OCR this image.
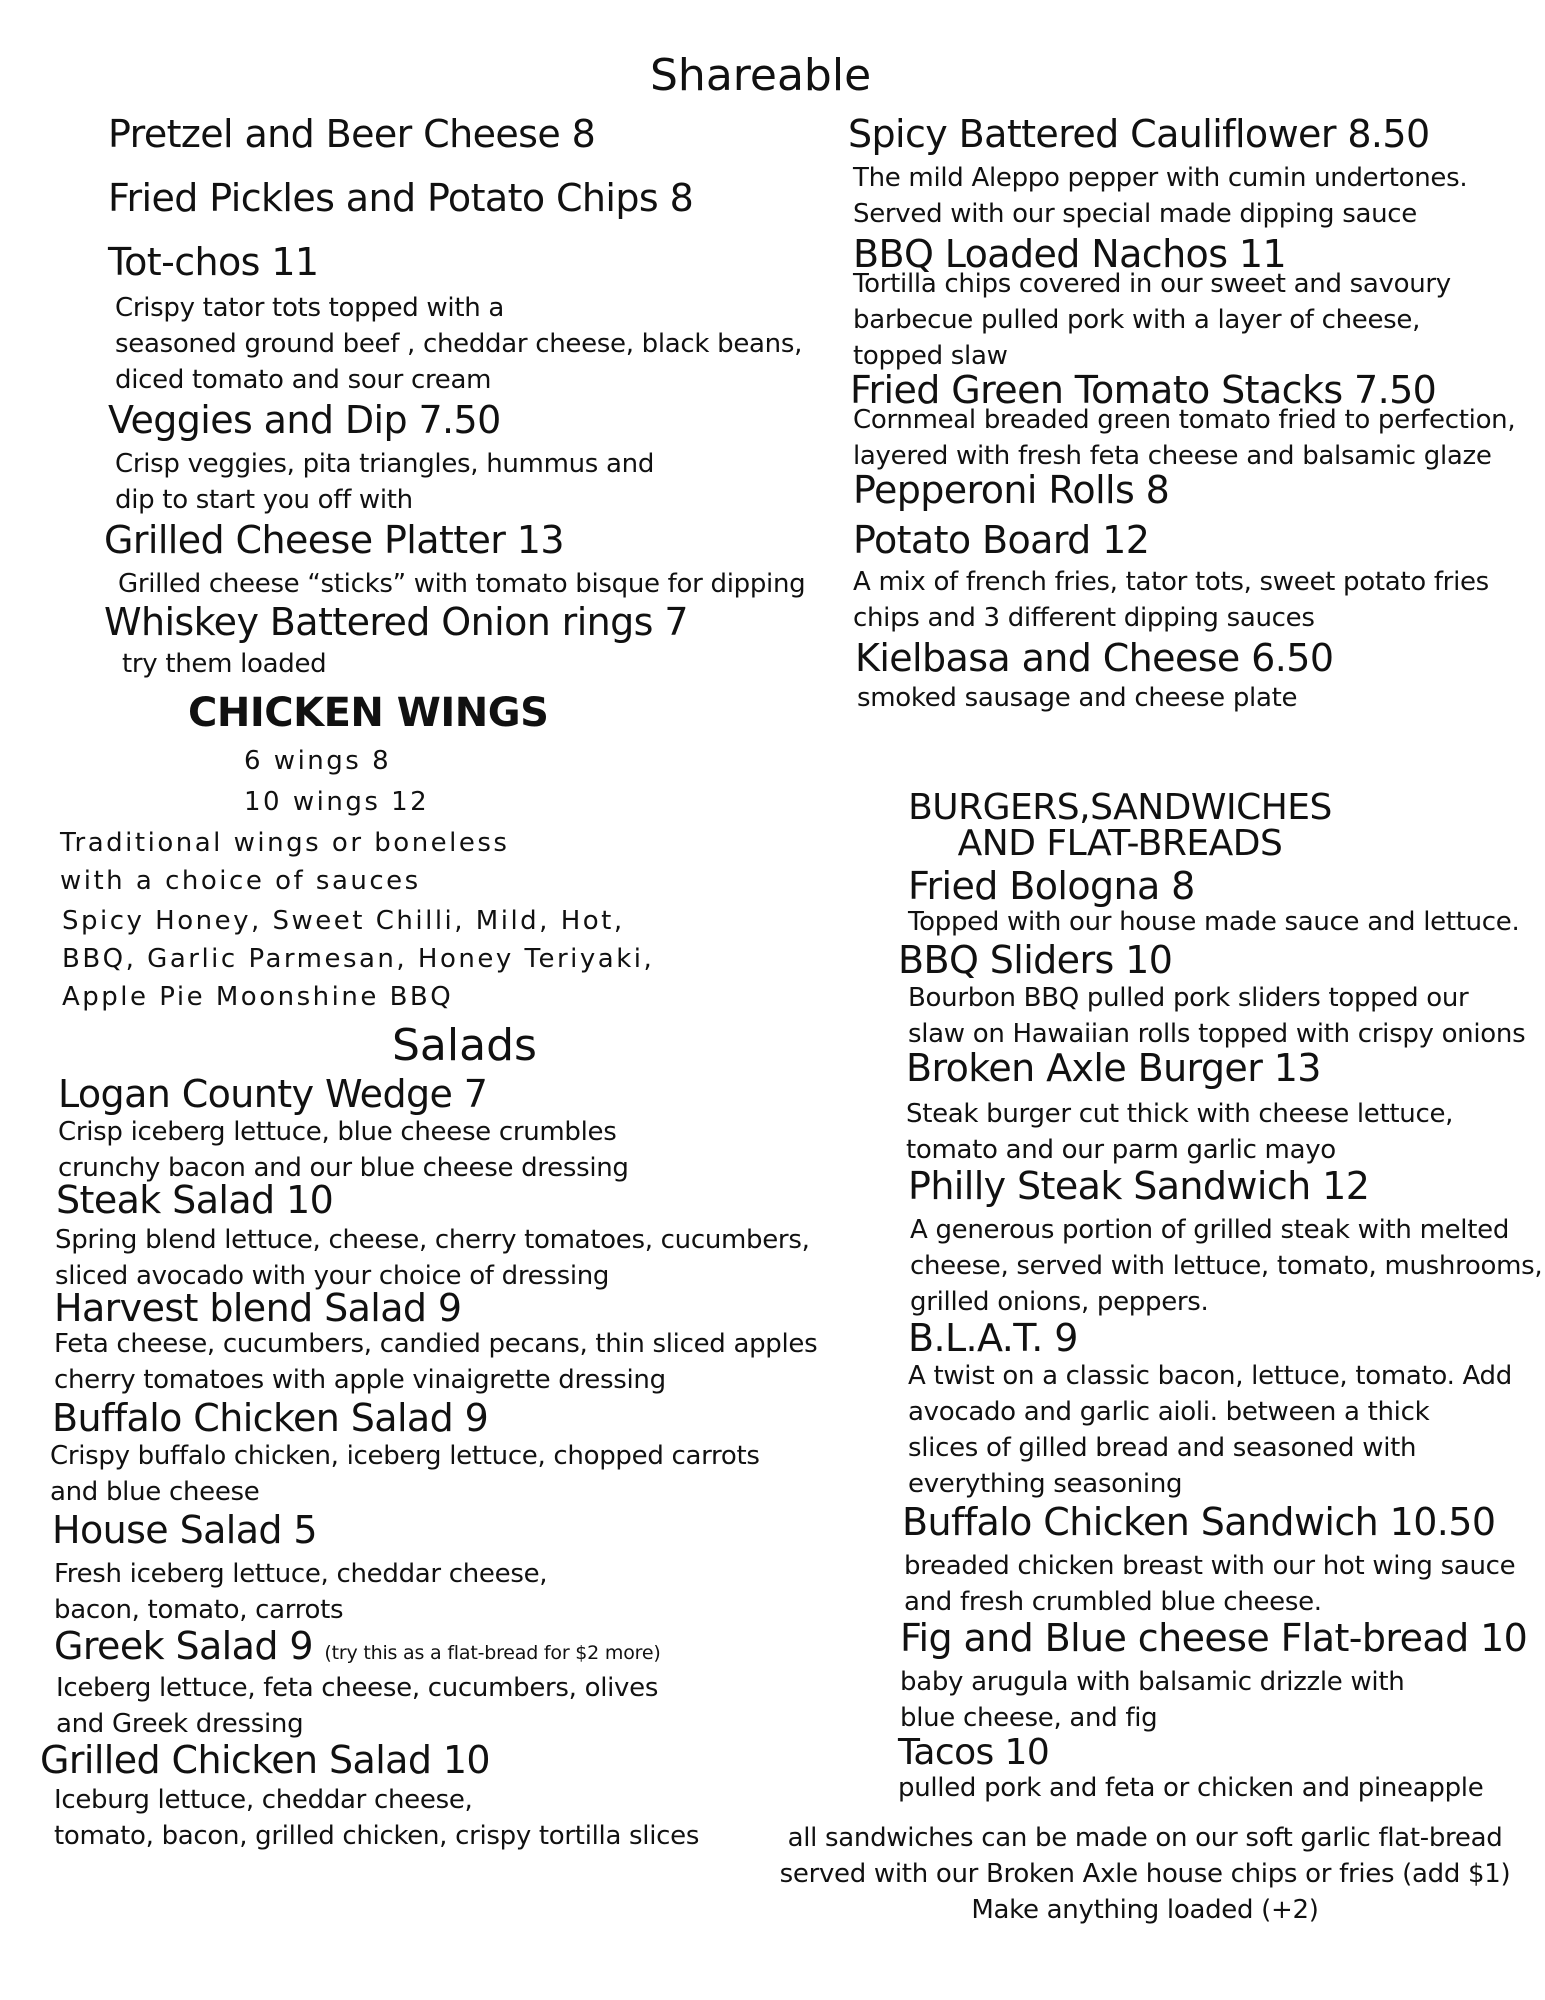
Shareable
Pretzel and Beer Cheese 8
Fried Pickles and Potato Chips 8
Tot-chos 11
Crispy tator tots topped with a
seasoned ground beef , cheddar cheese, black beans,
diced tomato and sour cream
Veggies and Dip 7.50
Crisp veggies, pita triangles, hummus and
dip to start you off with
Grilled Cheese Platter 13
Grilled cheese “sticks” with tomato bisque for dipping
Whiskey Battered Onion rings 7
try them loaded
Spicy Battered Cauliflower 8.50
The mild Aleppo pepper with cumin undertones.
Served with our special made dipping sauce
BBQ Loaded Nachos 11
Tortilla chips covered in our sweet and savoury
barbecue pulled pork with a layer of cheese,
topped slaw
Fried Green Tomato Stacks 7.50
Cornmeal breaded green tomato fried to perfection,
layered with fresh feta cheese and balsamic glaze
Pepperoni Rolls 8
Potato Board 12
A mix of french fries, tator tots, sweet potato fries
chips and 3 different dipping sauces
Kielbasa and Cheese 6.50
smoked sausage and cheese plate
CHICKEN WINGS
6 wings 8
10 wings 12
Traditional wings or boneless
with a choice of sauces
Spicy Honey, Sweet Chilli, Mild, Hot,
BBQ, Garlic Parmesan, Honey Teriyaki,
Apple Pie Moonshine BBQ
Salads
Logan County Wedge 7
Crisp iceberg lettuce, blue cheese crumbles
crunchy bacon and our blue cheese dressing
Steak Salad 10
Spring blend lettuce, cheese, cherry tomatoes, cucumbers,
sliced avocado with your choice of dressing
Harvest blend Salad 9
Feta cheese, cucumbers, candied pecans, thin sliced apples
cherry tomatoes with apple vinaigrette dressing
Buffalo Chicken Salad 9
Crispy buffalo chicken, iceberg lettuce, chopped carrots
and blue cheese
House Salad 5
Fresh iceberg lettuce, cheddar cheese,
bacon, tomato, carrots
Greek Salad 9 (try this as a flat-bread for $2 more)
Iceberg lettuce, feta cheese, cucumbers, olives
and Greek dressing
Grilled Chicken Salad 10
Iceburg lettuce, cheddar cheese,
tomato, bacon, grilled chicken, crispy tortilla slices
BURGERS,SANDWICHES
AND FLAT-BREADS
Fried Bologna 8
Topped with our house made sauce and lettuce.
BBQ Sliders 10
Bourbon BBQ pulled pork sliders topped our
slaw on Hawaiian rolls topped with crispy onions
Broken Axle Burger 13
Steak burger cut thick with cheese lettuce,
tomato and our parm garlic mayo
Philly Steak Sandwich 12
A generous portion of grilled steak with melted
cheese, served with lettuce, tomato, mushrooms,
grilled onions, peppers.
B.L.A.T. 9
A twist on a classic bacon, lettuce, tomato. Add
avocado and garlic aioli. between a thick
slices of gilled bread and seasoned with
everything seasoning
Buffalo Chicken Sandwich 10.50
breaded chicken breast with our hot wing sauce
and fresh crumbled blue cheese.
Fig and Blue cheese Flat-bread 10
baby arugula with balsamic drizzle with
blue cheese, and fig
Tacos 10
pulled pork and feta or chicken and pineapple
all sandwiches can be made on our soft garlic flat-bread
served with our Broken Axle house chips or fries (add $1)
Make anything loaded (+2)
